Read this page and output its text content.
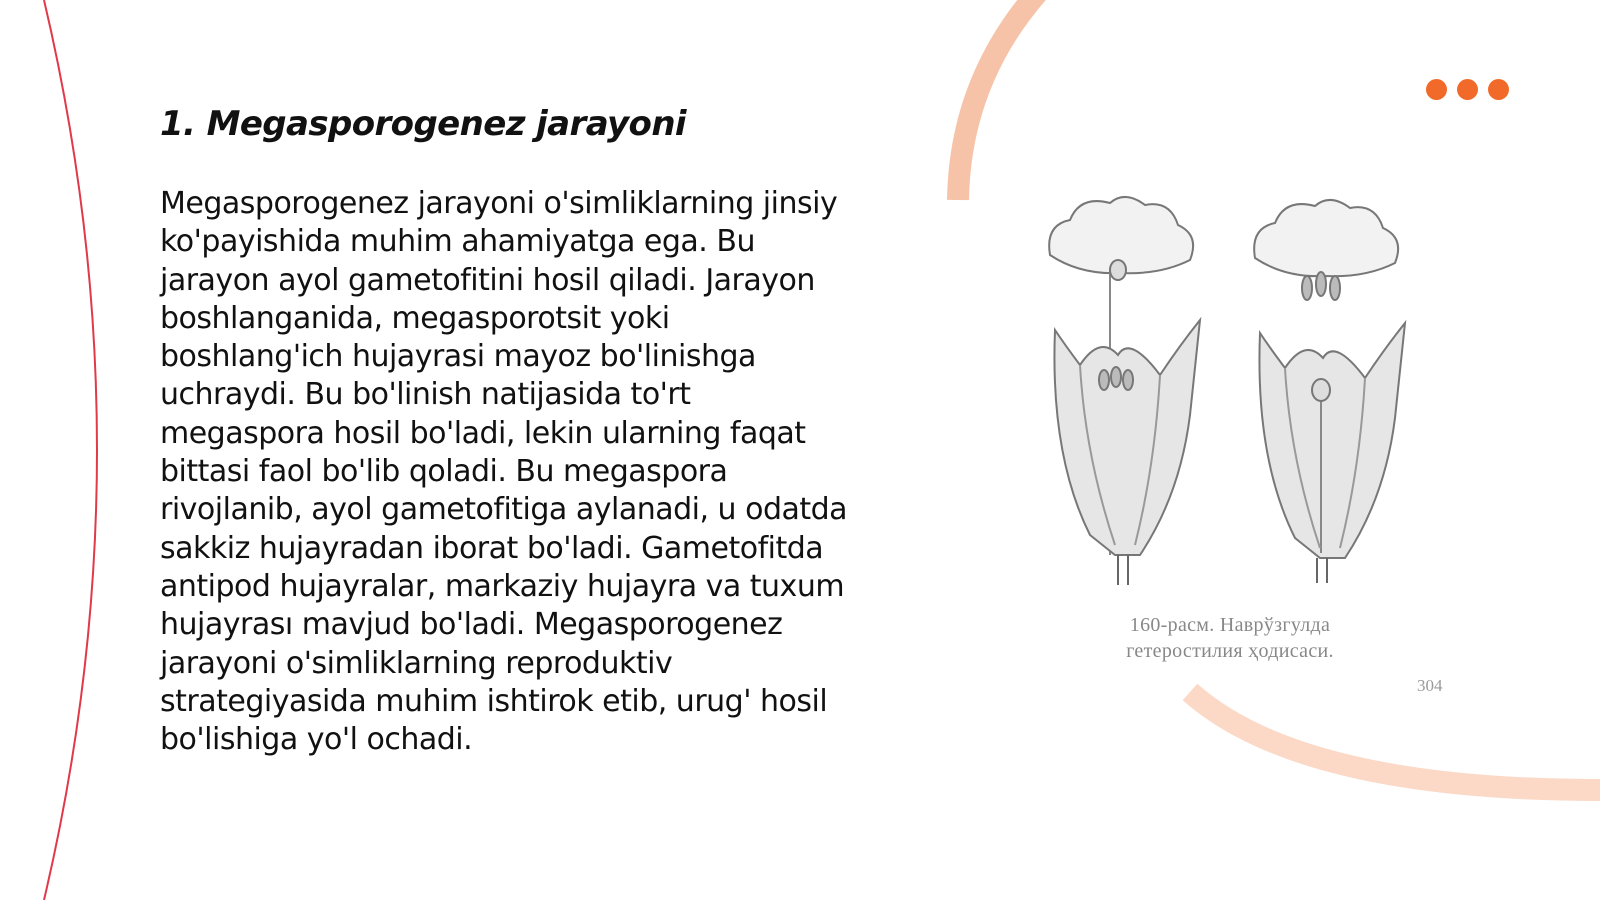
1. Megasporogenez jarayoni

Megasporogenez jarayoni o'simliklarning jinsiy ko'payishida muhim ahamiyatga ega. Bu jarayon ayol gametofitini hosil qiladi. Jarayon boshlanganida, megasporotsit yoki boshlang'ich hujayrasi mayoz bo'linishga uchraydi. Bu bo'linish natijasida to'rt megaspora hosil bo'ladi, lekin ularning faqat bittasi faol bo'lib qoladi. Bu megaspora rivojlanib, ayol gametofitiga aylanadi, u odatda sakkiz hujayradan iborat bo'ladi. Gametofitda antipod hujayralar, markaziy hujayra va tuxum hujayrası mavjud bo'ladi. Megasporogenez jarayoni o'simliklarning reproduktiv strategiyasida muhim ishtirok etib, urug' hosil bo'lishiga yo'l ochadi.

160-расм. Наврўзгулда
гетеростилия ҳодисаси.
304
